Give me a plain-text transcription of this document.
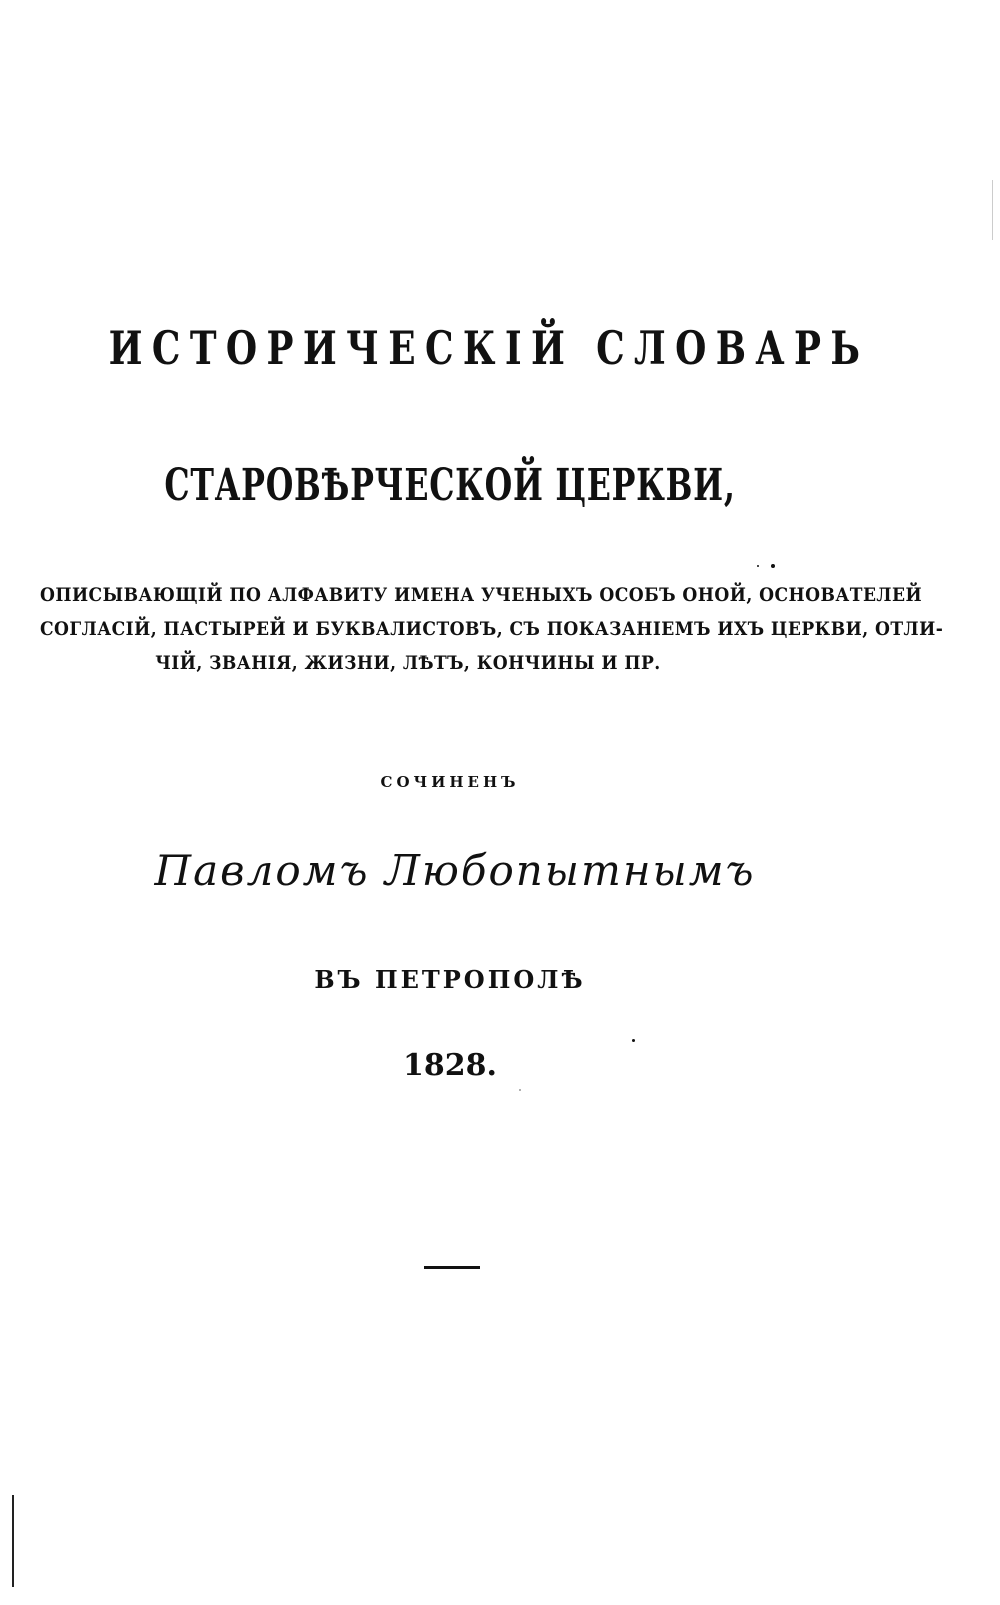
ИСТОРИЧЕСКІЙ СЛОВАРЬ
СТАРОВѢРЧЕСКОЙ ЦЕРКВИ,
ОПИСЫВАЮЩІЙ ПО АЛФАВИТУ ИМЕНА УЧЕНЫХЪ ОСОБЪ ОНОЙ, ОСНОВАТЕЛЕЙ
СОГЛАСІЙ, ПАСТЫРЕЙ И БУКВАЛИСТОВЪ, СЪ ПОКАЗАНІЕМЪ ИХЪ ЦЕРКВИ, ОТЛИ-
ЧІЙ, ЗВАНІЯ, ЖИЗНИ, ЛѢТЪ, КОНЧИНЫ И ПР.
СОЧИНЕНЪ
Павломъ Любопытнымъ
ВЪ ПЕТРОПОЛѢ
1828.
